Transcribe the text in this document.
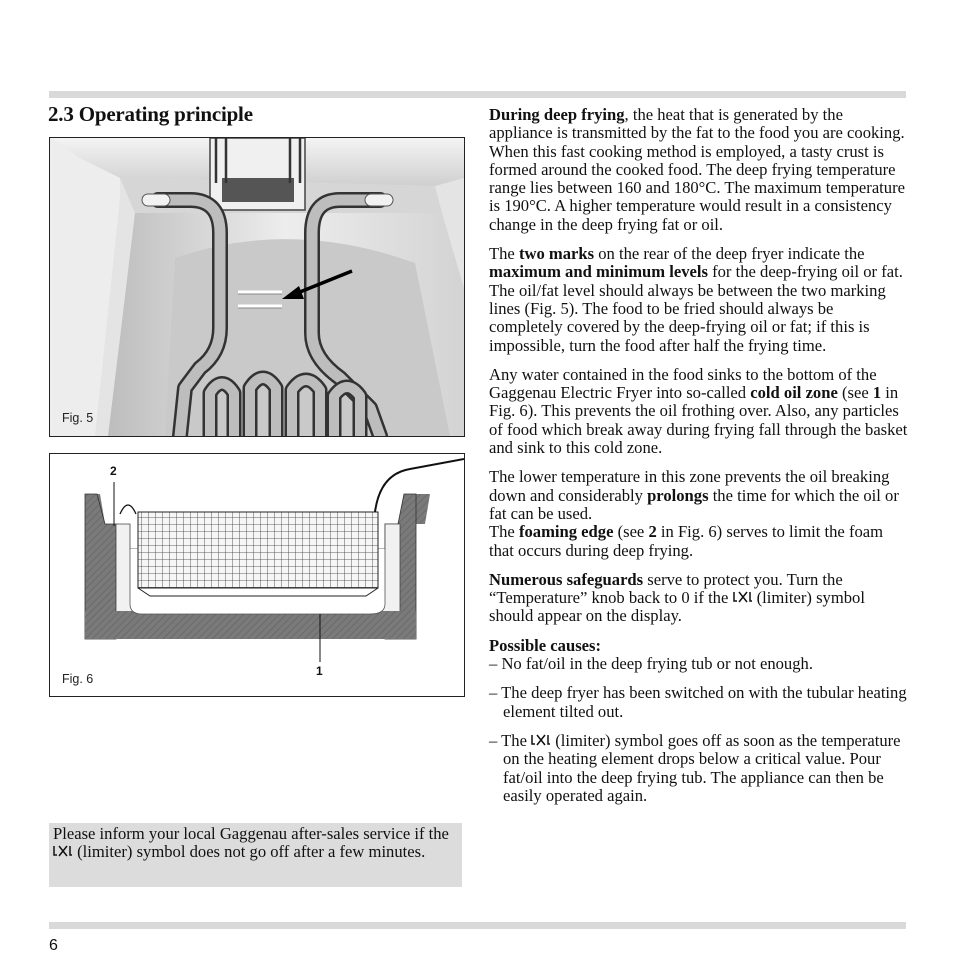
2.3 Operating principle
Fig. 5
2
1
Fig. 6
Please inform your local Gaggenau after-sales service if the
(limiter) symbol does not go off after a few minutes.

During deep frying, the heat that is generated by the appliance is transmitted by the fat to the food you are cooking. When this fast cooking method is employed, a tasty crust is formed around the cooked food. The deep frying temperature range lies between 160 and 180°C. The maximum temperature is 190°C. A higher temperature would result in a consistency change in the deep frying fat or oil.

The two marks on the rear of the deep fryer indicate the maximum and minimum levels for the deep-frying oil or fat. The oil/fat level should always be between the two marking lines (Fig. 5). The food to be fried should always be completely covered by the deep-frying oil or fat; if this is impossible, turn the food after half the frying time.

Any water contained in the food sinks to the bottom of the Gaggenau Electric Fryer into so-called cold oil zone (see 1 in Fig. 6). This prevents the oil frothing over. Also, any particles of food which break away during frying fall through the basket and sink to this cold zone.

The lower temperature in this zone prevents the oil breaking down and considerably prolongs the time for which the oil or fat can be used.

The foaming edge (see 2 in Fig. 6) serves to limit the foam that occurs during deep frying.

Numerous safeguards serve to protect you. Turn the “Temperature” knob back to 0 if the
(limiter) symbol should appear on the display.

Possible causes:

– No fat/oil in the deep frying tub or not enough.
– The deep fryer has been switched on with the tubular heating element tilted out.
– The
(limiter) symbol goes off as soon as the temperature on the heating element drops below a critical value. Pour fat/oil into the deep frying tub. The appliance can then be easily operated again.
6
